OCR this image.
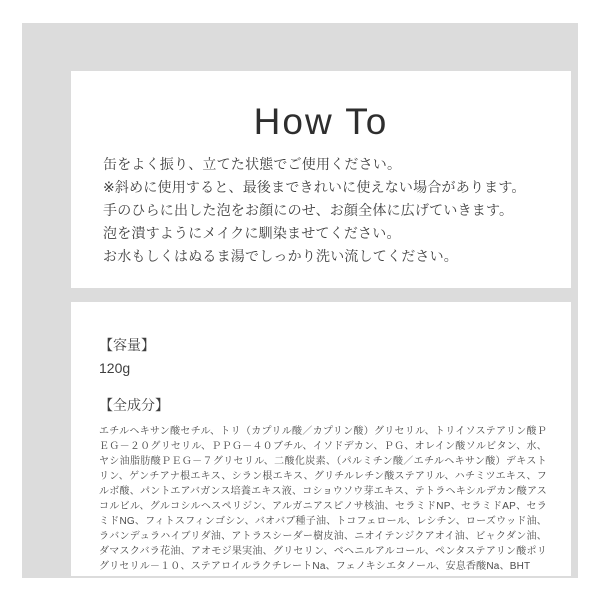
How To
缶をよく振り、立てた状態でご使用ください。
※斜めに使用すると、最後まできれいに使えない場合があります。
手のひらに出した泡をお顔にのせ、お顔全体に広げていきます。
泡を潰すようにメイクに馴染ませてください。
お水もしくはぬるま湯でしっかり洗い流してください。
【容量】

120g

【全成分】

エチルヘキサン酸セチル、トリ（カプリル酸／カプリン酸）グリセリル、トリイソステアリン酸ＰＥＧ－２０グリセリル、ＰＰＧ－４０ブチル、イソドデカン、ＰＧ、オレイン酸ソルビタン、水、ヤシ油脂肪酸ＰＥＧ－７グリセリル、二酸化炭素、（パルミチン酸／エチルヘキサン酸）デキストリン、ゲンチアナ根エキス、シラン根エキス、グリチルレチン酸ステアリル、ハチミツエキス、フルボ酸、パントエアバガンス培養エキス液、コショウソウ芽エキス、テトラヘキシルデカン酸アスコルビル、グルコシルヘスペリジン、アルガニアスピノサ核油、セラミドNP、セラミドAP、セラミドNG、フィトスフィンゴシン、バオバブ種子油、トコフェロール、レシチン、ローズウッド油、ラバンデュラハイブリダ油、アトラスシーダー樹皮油、ニオイテンジクアオイ油、ビャクダン油、ダマスクバラ花油、アオモジ果実油、グリセリン、ベヘニルアルコール、ペンタステアリン酸ポリグリセリル－１０、ステアロイルラクチレートNa、フェノキシエタノール、安息香酸Na、BHT
